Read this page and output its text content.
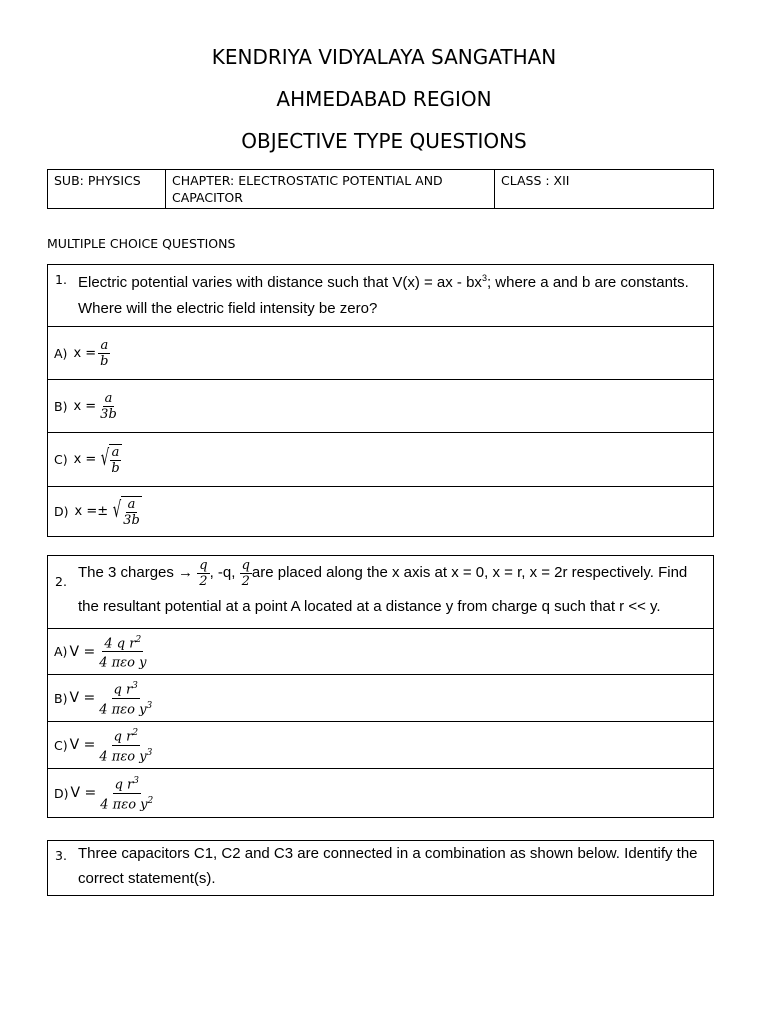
KENDRIYA VIDYALAYA SANGATHAN
AHMEDABAD REGION
OBJECTIVE TYPE QUESTIONS
SUB: PHYSICS	CHAPTER: ELECTROSTATIC POTENTIAL AND CAPACITOR	CLASS : XII
MULTIPLE CHOICE QUESTIONS
1. Electric potential varies with distance such that V(x) = ax - $bx^3$; where a and b are constants. Where will the electric field intensity be zero?

A) $x = \frac{a}{b}$

B) $x = \frac{a}{3b}$

C) x = √ $\frac{a}{b}$

D) x =± √ $\frac{a}{3b}$
2.
The 3 charges → $\frac{q}{2}$ , -q, $\frac{q}{2}$ are placed along the x axis at x = 0, x = r, x = 2r respectively. Find the resultant potential at a point A located at a distance y from charge q such that r << y.

A) $V = \frac{4 q r^2}{\text{4 πεo y}}$

B) $V = \frac{q r^3}{4 \pi\varepsilon o y^3}$

C) $V = \frac{q r^2}{4 \pi\varepsilon o y^3}$

D) $V = \frac{q r^3}{4 \pi\varepsilon o y^2}$
3. Three capacitors C1, C2 and C3 are connected in a combination as shown below. Identify the correct statement(s).
